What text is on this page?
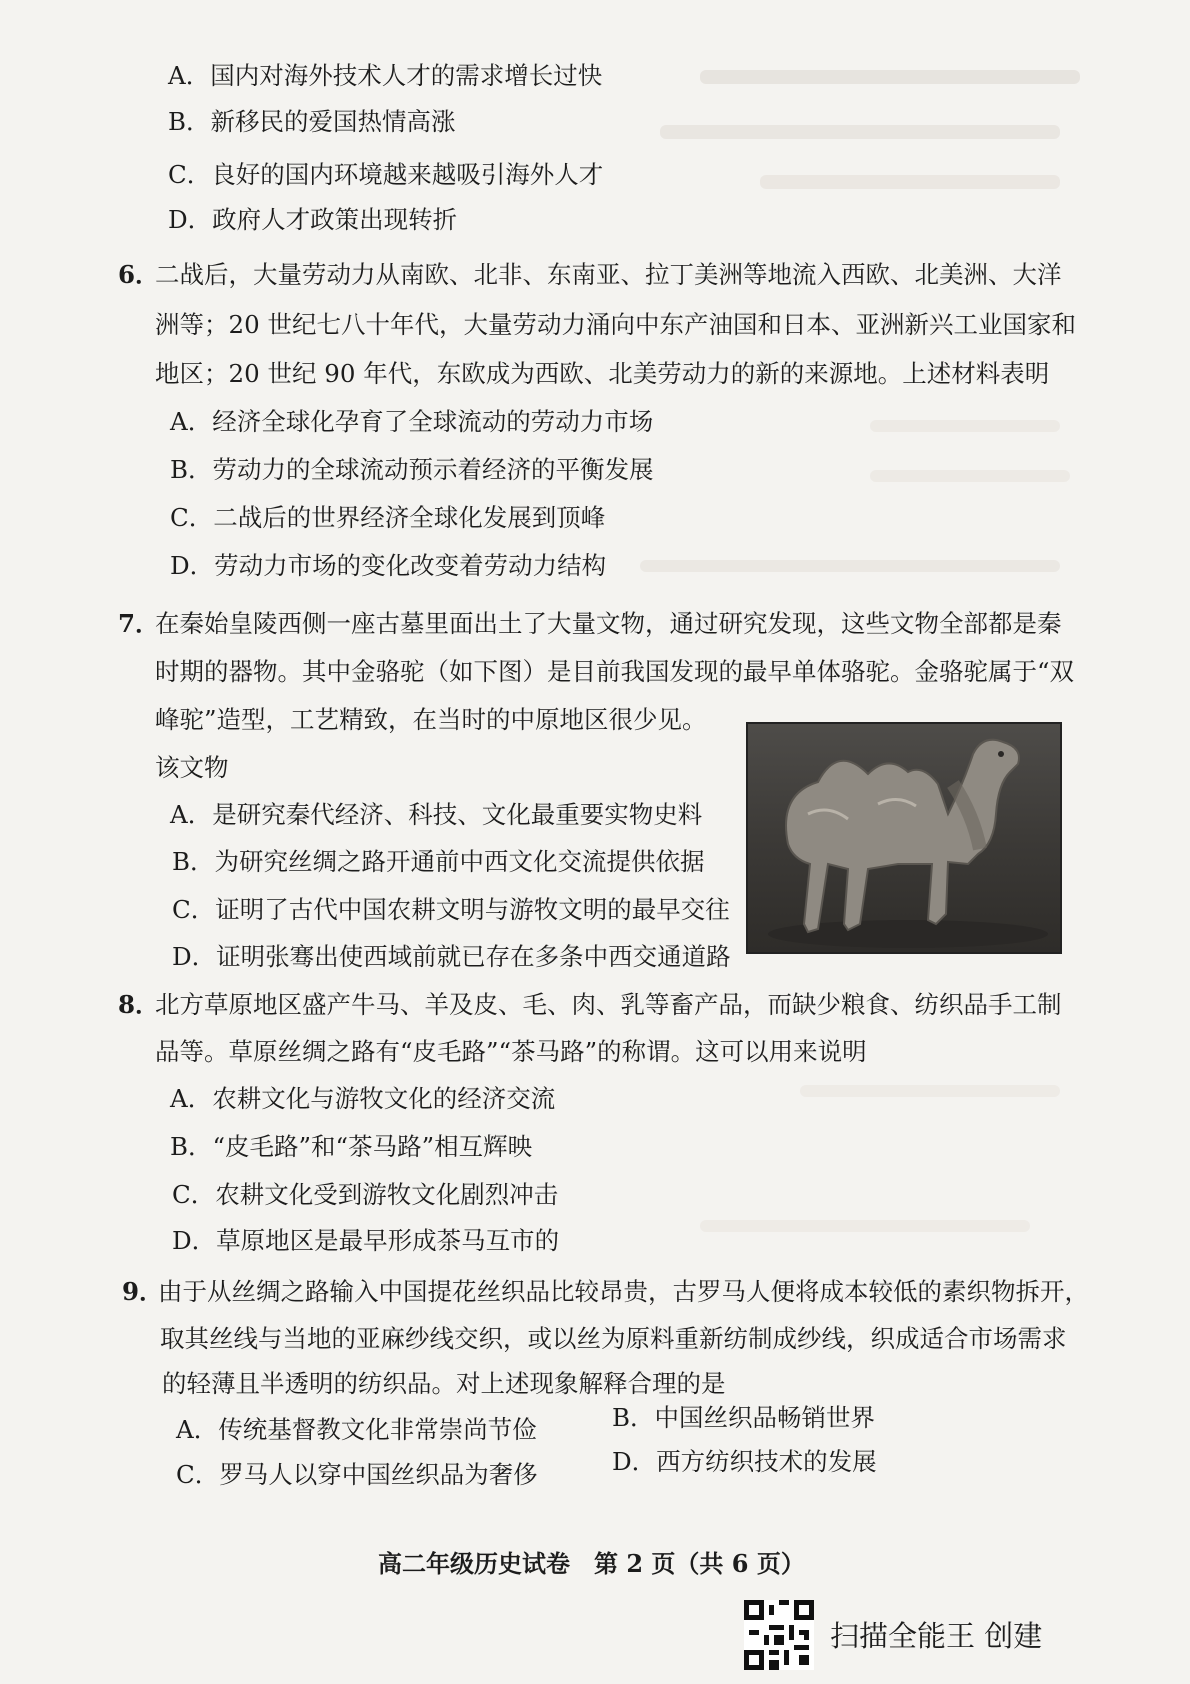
A．国内对海外技术人才的需求增长过快
B．新移民的爱国热情高涨
C．良好的国内环境越来越吸引海外人才
D．政府人才政策出现转折
6．
二战后，大量劳动力从南欧、北非、东南亚、拉丁美洲等地流入西欧、北美洲、大洋
洲等；20 世纪七八十年代，大量劳动力涌向中东产油国和日本、亚洲新兴工业国家和
地区；20 世纪 90 年代，东欧成为西欧、北美劳动力的新的来源地。上述材料表明
A．经济全球化孕育了全球流动的劳动力市场
B．劳动力的全球流动预示着经济的平衡发展
C．二战后的世界经济全球化发展到顶峰
D．劳动力市场的变化改变着劳动力结构
7．
在秦始皇陵西侧一座古墓里面出土了大量文物，通过研究发现，这些文物全部都是秦
时期的器物。其中金骆驼（如下图）是目前我国发现的最早单体骆驼。金骆驼属于“双
峰驼”造型，工艺精致，在当时的中原地区很少见。
该文物
A．是研究秦代经济、科技、文化最重要实物史料
B．为研究丝绸之路开通前中西文化交流提供依据
C．证明了古代中国农耕文明与游牧文明的最早交往
D．证明张骞出使西域前就已存在多条中西交通道路
8．
北方草原地区盛产牛马、羊及皮、毛、肉、乳等畜产品，而缺少粮食、纺织品手工制
品等。草原丝绸之路有“皮毛路”“茶马路”的称谓。这可以用来说明
A．农耕文化与游牧文化的经济交流
B．“皮毛路”和“茶马路”相互辉映
C．农耕文化受到游牧文化剧烈冲击
D．草原地区是最早形成茶马互市的
9．
由于从丝绸之路输入中国提花丝织品比较昂贵，古罗马人便将成本较低的素织物拆开，
取其丝线与当地的亚麻纱线交织，或以丝为原料重新纺制成纱线，织成适合市场需求
的轻薄且半透明的纺织品。对上述现象解释合理的是
A．传统基督教文化非常崇尚节俭	B．中国丝织品畅销世界
C．罗马人以穿中国丝织品为奢侈	D．西方纺织技术的发展
高二年级历史试卷　第 2 页（共 6 页）
扫描全能王 创建
